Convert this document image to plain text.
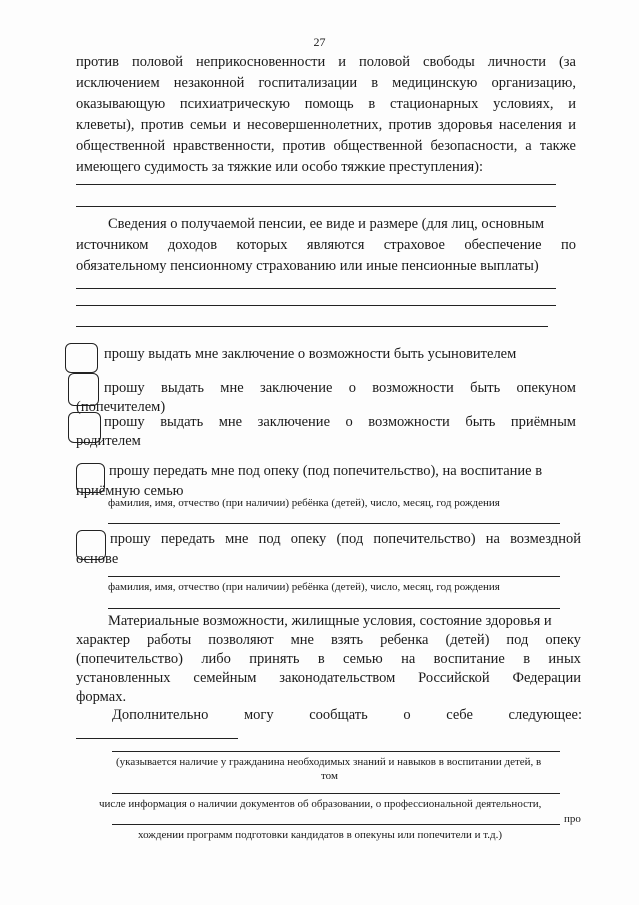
27
против половой неприкосновенности и половой свободы личности (за
исключением незаконной госпитализации в медицинскую организацию,
оказывающую психиатрическую помощь в стационарных условиях, и
клеветы), против семьи и несовершеннолетних, против здоровья населения и
общественной нравственности, против общественной безопасности, а также
имеющего судимость за тяжкие или особо тяжкие преступления):
Сведения о получаемой пенсии, ее виде и размере (для лиц, основным
источником доходов которых являются страховое обеспечение по
обязательному пенсионному страхованию или иные пенсионные выплаты)
прошу выдать мне заключение о возможности быть усыновителем
прошу выдать мне заключение о возможности быть опекуном
(попечителем)
прошу выдать мне заключение о возможности быть приёмным
родителем
прошу передать мне под опеку (под попечительство), на воспитание в
приёмную семью
фамилия, имя, отчество (при наличии) ребёнка (детей), число, месяц, год рождения
прошу передать мне под опеку (под попечительство) на возмездной
основе
фамилия, имя, отчество (при наличии) ребёнка (детей), число, месяц, год рождения
Материальные возможности, жилищные условия, состояние здоровья и
характер работы позволяют мне взять ребенка (детей) под опеку
(попечительство) либо принять в семью на воспитание в иных
установленных семейным законодательством Российской Федерации
формах.
Дополнительно могу сообщать о себе следующее:
(указывается наличие у гражданина необходимых знаний и навыков в воспитании детей, в
том
числе информация о наличии документов об образовании, о профессиональной деятельности,
про
хождении программ подготовки кандидатов в опекуны или попечители и т.д.)
